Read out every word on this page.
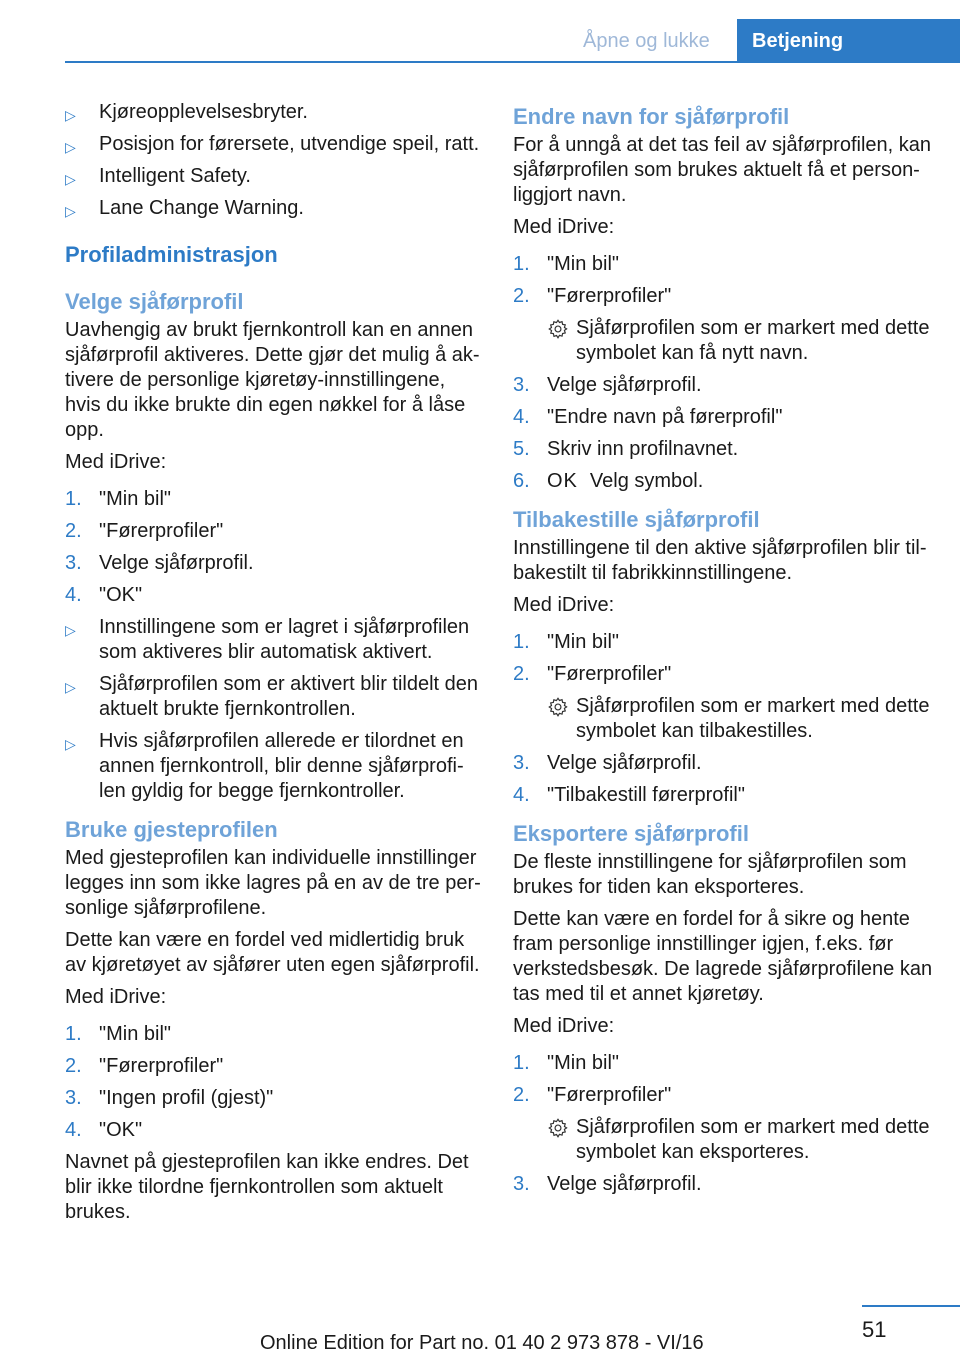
Åpne og lukke	Betjening
▷ Kjøreopplevelsesbryter.
▷ Posisjon for førersete, utvendige speil, ratt.
▷ Intelligent Safety.
▷ Lane Change Warning.
Profiladministrasjon
Velge sjåførprofil

Uavhengig av brukt fjernkontroll kan en annen sjåførprofil aktiveres. Dette gjør det mulig å ak-tivere de personlige kjøretøy-innstillingene, hvis du ikke brukte din egen nøkkel for å låse opp.

Med iDrive:

1. "Min bil"
2. "Førerprofiler"
3. Velge sjåførprofil.
4. "OK"
▷ Innstillingene som er lagret i sjåførprofilen som aktiveres blir automatisk aktivert.
▷ Sjåførprofilen som er aktivert blir tildelt den aktuelt brukte fjernkontrollen.
▷ Hvis sjåførprofilen allerede er tilordnet en annen fjernkontroll, blir denne sjåførprofi-len gyldig for begge fjernkontroller.
Bruke gjesteprofilen

Med gjesteprofilen kan individuelle innstillinger legges inn som ikke lagres på en av de tre per-sonlige sjåførprofilene.

Dette kan være en fordel ved midlertidig bruk av kjøretøyet av sjåfører uten egen sjåførprofil.

Med iDrive:

1. "Min bil"
2. "Førerprofiler"
3. "Ingen profil (gjest)"
4. "OK"

Navnet på gjesteprofilen kan ikke endres. Det blir ikke tilordne fjernkontrollen som aktuelt brukes.

Endre navn for sjåførprofil

For å unngå at det tas feil av sjåførprofilen, kan sjåførprofilen som brukes aktuelt få et person-liggjort navn.

Med iDrive:

1. "Min bil"
2. "Førerprofiler"
Sjåførprofilen som er markert med dette symbolet kan få nytt navn.
3. Velge sjåførprofil.
4. "Endre navn på førerprofil"
5. Skriv inn profilnavnet.
6. OK Velg symbol.
Tilbakestille sjåførprofil

Innstillingene til den aktive sjåførprofilen blir til-bakestilt til fabrikkinnstillingene.

Med iDrive:

1. "Min bil"
2. "Førerprofiler"
Sjåførprofilen som er markert med dette symbolet kan tilbakestilles.
3. Velge sjåførprofil.
4. "Tilbakestill førerprofil"
Eksportere sjåførprofil

De fleste innstillingene for sjåførprofilen som brukes for tiden kan eksporteres.

Dette kan være en fordel for å sikre og hente fram personlige innstillinger igjen, f.eks. før verkstedsbesøk. De lagrede sjåførprofilene kan tas med til et annet kjøretøy.

Med iDrive:

1. "Min bil"
2. "Førerprofiler"
Sjåførprofilen som er markert med dette symbolet kan eksporteres.
3. Velge sjåførprofil.
51
Online Edition for Part no. 01 40 2 973 878 - VI/16
